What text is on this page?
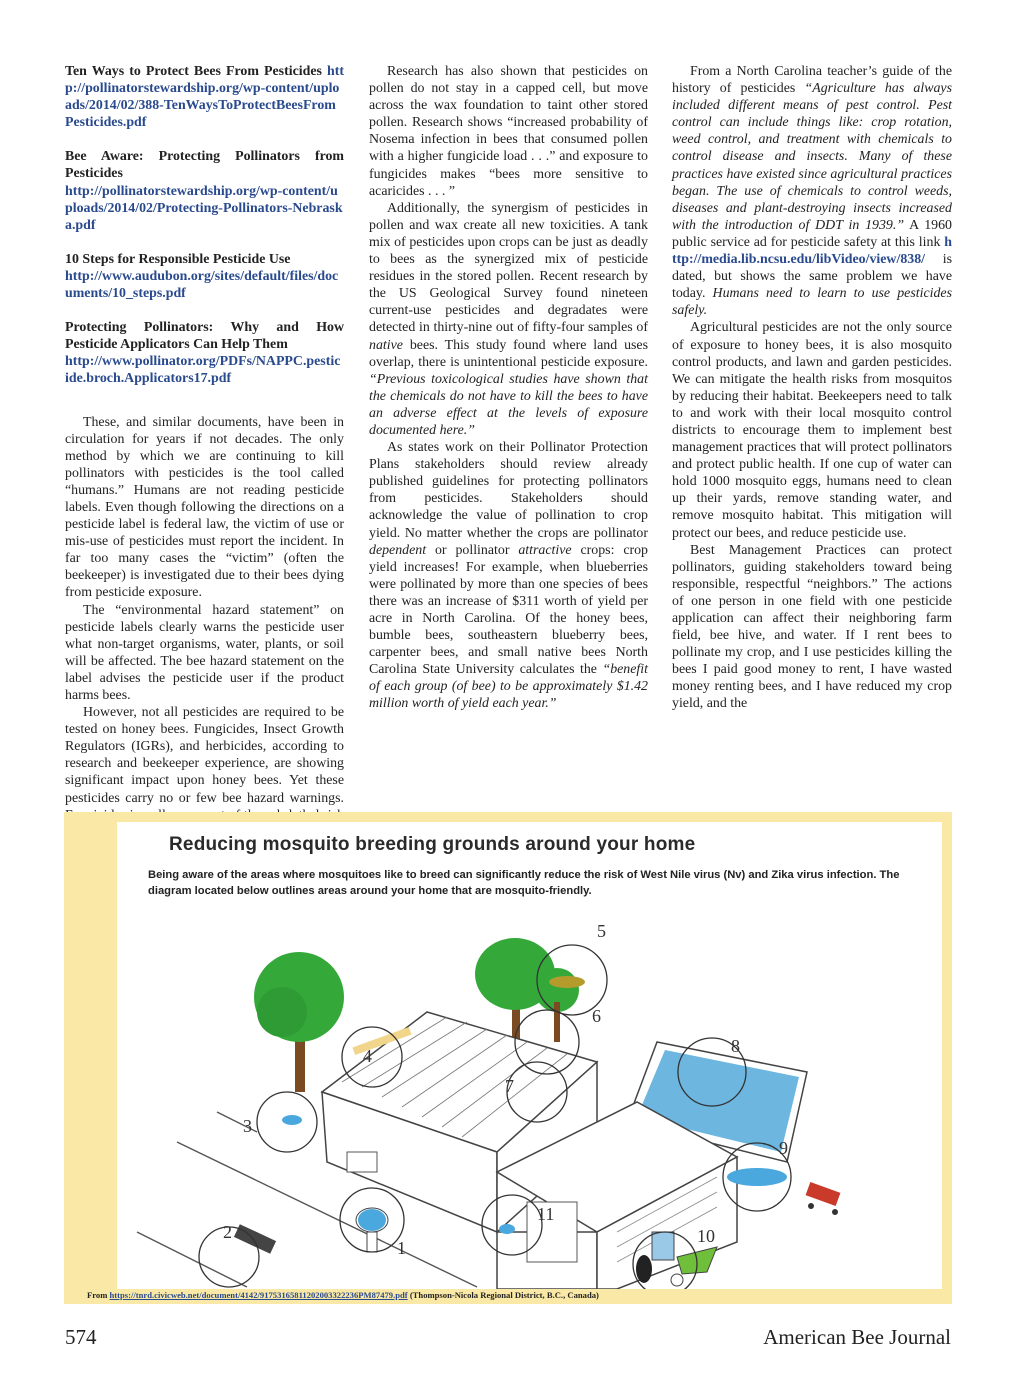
Ten Ways to Protect Bees From Pesticides http://pollinatorstewardship.org/wp-content/uploads/2014/02/388-TenWaysToProtectBeesFromPesticides.pdf
Bee Aware: Protecting Pollinators from Pesticides
http://pollinatorstewardship.org/wp-content/uploads/2014/02/Protecting-Pollinators-Nebraska.pdf
10 Steps for Responsible Pesticide Use
http://www.audubon.org/sites/default/files/documents/10_steps.pdf
Protecting Pollinators: Why and How Pesticide Applicators Can Help Them
http://www.pollinator.org/PDFs/NAPPC.pesticide.broch.Applicators17.pdf

These, and similar documents, have been in circulation for years if not decades. The only method by which we are continuing to kill pollinators with pesticides is the tool called “humans.” Humans are not reading pesticide labels. Even though following the directions on a pesticide label is federal law, the victim of use or mis-use of pesticides must report the incident. In far too many cases the “victim” (often the beekeeper) is investigated due to their bees dying from pesticide exposure.

The “environmental hazard statement” on pesticide labels clearly warns the pesticide user what non-target organisms, water, plants, or soil will be affected. The bee hazard statement on the label advises the pesticide user if the product harms bees.

However, not all pesticides are required to be tested on honey bees. Fungicides, Insect Growth Regulators (IGRs), and herbicides, according to research and beekeeper experience, are showing significant impact upon honey bees. Yet these pesticides carry no or few bee hazard warnings.

Research has also shown that pesticides on pollen do not stay in a capped cell, but move across the wax foundation to taint other stored pollen. Research shows “increased probability of Nosema infection in bees that consumed pollen with a higher fungicide load . . .” and exposure to fungicides makes “bees more sensitive to acaricides . . . ”

Additionally, the synergism of pesticides in pollen and wax create all new toxicities. A tank mix of pesticides upon crops can be just as deadly to bees as the synergized mix of pesticide residues in the stored pollen. Recent research by the US Geological Survey found nineteen current-use pesticides and degradates were detected in thirty-nine out of fifty-four samples of native bees. This study found where land uses overlap, there is unintentional pesticide exposure. “Previous toxicological studies have shown that the chemicals do not have to kill the bees to have an adverse effect at the levels of exposure documented here.”

As states work on their Pollinator Protection Plans stakeholders should review already published guidelines for protecting pollinators from pesticides. Stakeholders should acknowledge the value of pollination to crop yield. No matter whether the crops are pollinator dependent or pollinator attractive crops: crop yield increases! For example, when blueberries were pollinated by more than one species of bees there was an increase of $311 worth of yield per acre in North Carolina. Of the honey bees, bumble bees, southeastern blueberry bees, carpenter bees, and small native bees North Carolina State University calculates the “benefit of each group (of bee) to be approximately $1.42 million worth of yield each year.”

From a North Carolina teacher’s guide of the history of pesticides “Agriculture has always included different means of pest control. Pest control can include things like: crop rotation, weed control, and treatment with chemicals to control disease and insects. Many of these practices have existed since agricultural practices began. The use of chemicals to control weeds, diseases and plant-destroying insects increased with the introduction of DDT in 1939.” A 1960 public service ad for pesticide safety at this link http://media.lib.ncsu.edu/libVideo/view/838/ is dated, but shows the same problem we have today. Humans need to learn to use pesticides safely.

Agricultural pesticides are not the only source of exposure to honey bees, it is also mosquito control products, and lawn and garden pesticides. We can mitigate the health risks from mosquitos by reducing their habitat. Beekeepers need to talk to and work with their local mosquito control districts to encourage them to implement best management practices that will protect pollinators and protect public health. If one cup of water can hold 1000 mosquito eggs, humans need to clean up their yards, remove standing water, and remove mosquito habitat. This mitigation will protect our bees, and reduce pesticide use.

Best Management Practices can protect pollinators, guiding stakeholders toward being responsible, respectful “neighbors.” The actions of one person in one field with one pesticide application can affect their neighboring farm field, bee hive, and water. If I rent bees to pollinate my crop, and I use pesticides killing the bees I paid good money to rent, I have wasted money renting bees, and I have reduced my crop yield, and the

Reducing mosquito breeding grounds around your home
Being aware of the areas where mosquitoes like to breed can significantly reduce the risk of West Nile virus (Nv) and Zika virus infection. The diagram located below outlines areas around your home that are mosquito-friendly.
1
2
3
4
5
6
7
8
9
10
11
From https://tnrd.civicweb.net/document/4142/91753165811202003322236PM87479.pdf (Thompson-Nicola Regional District, B.C., Canada)
574	American Bee Journal
